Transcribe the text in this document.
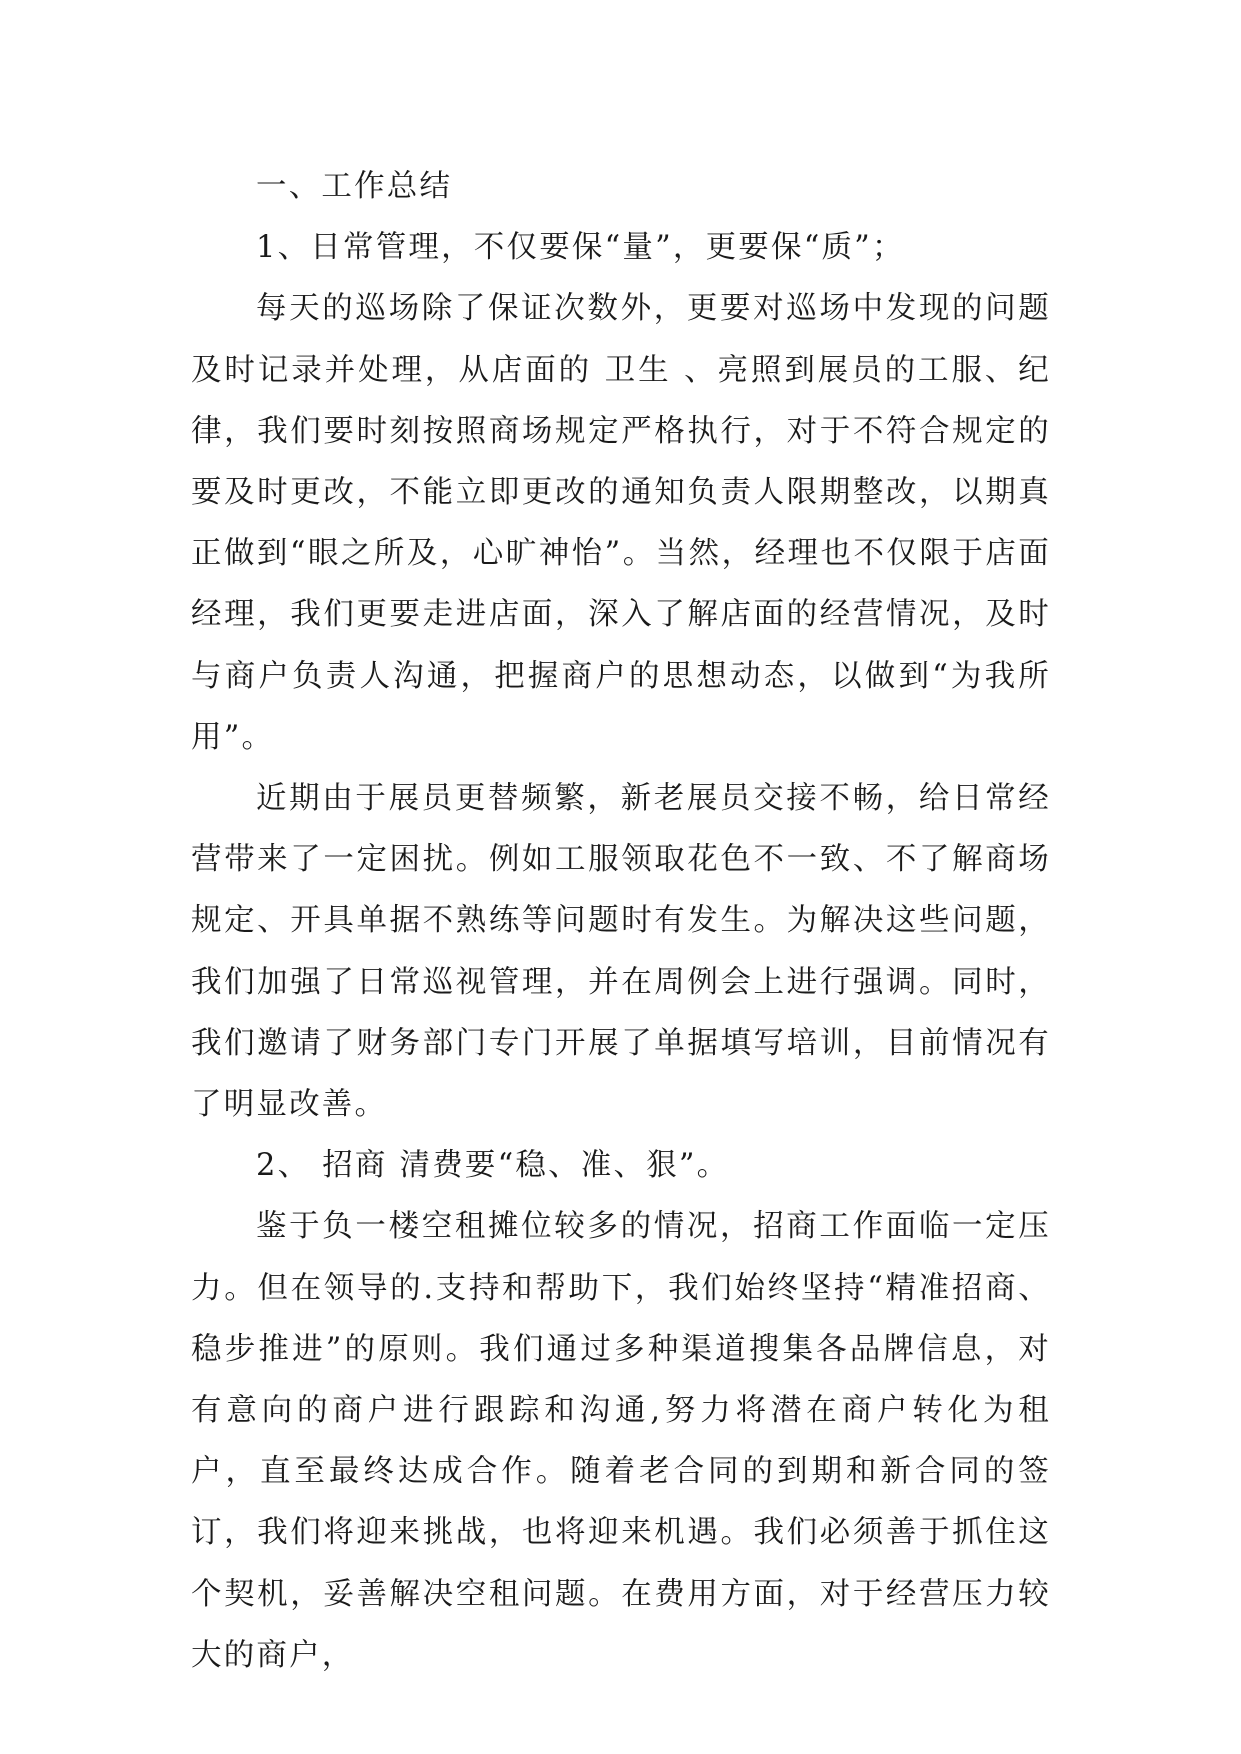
一、工作总结
1、日常管理，不仅要保“量”，更要保“质”；

每天的巡场除了保证次数外，更要对巡场中发现的问题及时记录并处理，从店面的 卫生 、亮照到展员的工服、纪律，我们要时刻按照商场规定严格执行，对于不符合规定的要及时更改，不能立即更改的通知负责人限期整改，以期真正做到“眼之所及，心旷神怡”。当然，经理也不仅限于店面经理，我们更要走进店面，深入了解店面的经营情况，及时与商户负责人沟通，把握商户的思想动态，以做到“为我所用”。

近期由于展员更替频繁，新老展员交接不畅，给日常经营带来了一定困扰。例如工服领取花色不一致、不了解商场规定、开具单据不熟练等问题时有发生。为解决这些问题，我们加强了日常巡视管理，并在周例会上进行强调。同时，我们邀请了财务部门专门开展了单据填写培训，目前情况有了明显改善。

2、 招商 清费要“稳、准、狠”。

鉴于负一楼空租摊位较多的情况，招商工作面临一定压力。但在领导的.支持和帮助下，我们始终坚持“精准招商、稳步推进”的原则。我们通过多种渠道搜集各品牌信息，对有意向的商户进行跟踪和沟通,努力将潜在商户转化为租户，直至最终达成合作。随着老合同的到期和新合同的签订，我们将迎来挑战，也将迎来机遇。我们必须善于抓住这个契机，妥善解决空租问题。在费用方面，对于经营压力较大的商户，
